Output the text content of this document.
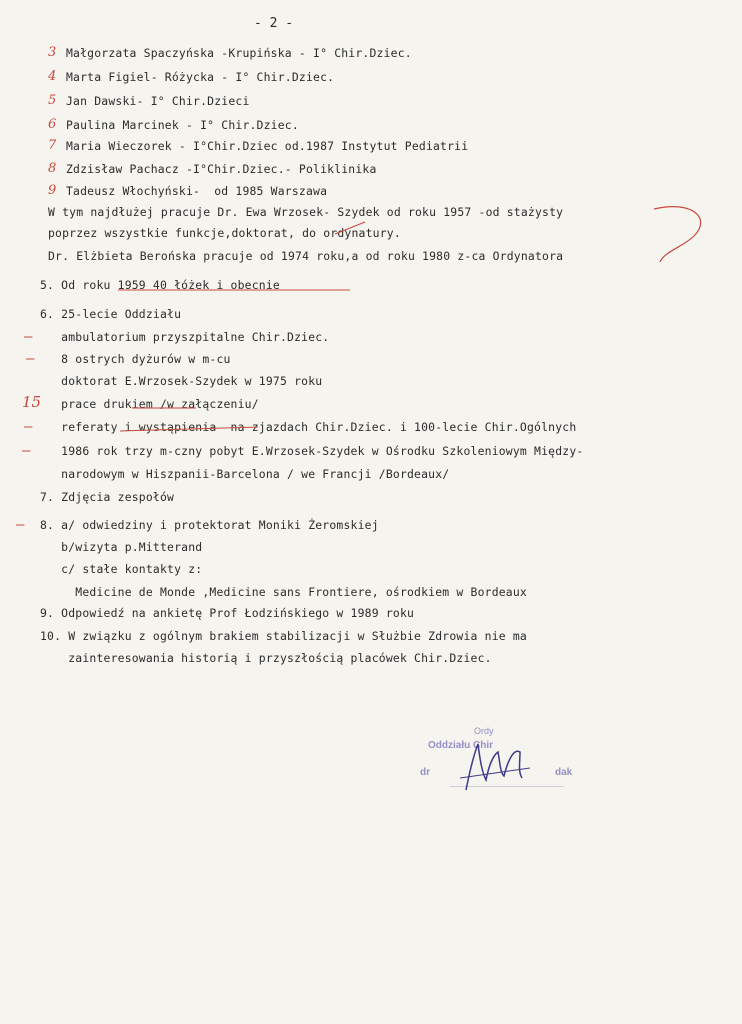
- 2 -
Małgorzata Spaczyńska -Krupińska - I° Chir.Dziec.
Marta Figiel- Różycka - I° Chir.Dziec.
Jan Dawski- I° Chir.Dzieci
Paulina Marcinek - I° Chir.Dziec.
Maria Wieczorek - I°Chir.Dziec od.1987 Instytut Pediatrii
Zdzisław Pachacz -I°Chir.Dziec.- Poliklinika
Tadeusz Włochyński-  od 1985 Warszawa
W tym najdłużej pracuje Dr. Ewa Wrzosek- Szydek od roku 1957 -od stażysty
poprzez wszystkie funkcje,doktorat, do ordynatury.
Dr. Elżbieta Berońska pracuje od 1974 roku,a od roku 1980 z-ca Ordynatora
5. Od roku 1959 40 łóżek i obecnie
6. 25-lecie Oddziału
ambulatorium przyszpitalne Chir.Dziec.
8 ostrych dyżurów w m-cu
doktorat E.Wrzosek-Szydek w 1975 roku
prace drukiem /w załączeniu/
referaty i wystąpienia  na zjazdach Chir.Dziec. i 100-lecie Chir.Ogólnych
1986 rok trzy m-czny pobyt E.Wrzosek-Szydek w Ośrodku Szkoleniowym Między-
narodowym w Hiszpanii-Barcelona / we Francji /Bordeaux/
7. Zdjęcia zespołów
8. a/ odwiedziny i protektorat Moniki Żeromskiej
b/wizyta p.Mitterand
c/ stałe kontakty z:
Medicine de Monde ,Medicine sans Frontiere, ośrodkiem w Bordeaux
9. Odpowiedź na ankietę Prof Łodzińskiego w 1989 roku
10. W związku z ogólnym brakiem stabilizacji w Służbie Zdrowia nie ma
zainteresowania historią i przyszłością placówek Chir.Dziec.
3
4
5
6
7
8
9
15
—
—
—
—
—
Ordy
Oddziału Chir
dr	dak
────────────────────
